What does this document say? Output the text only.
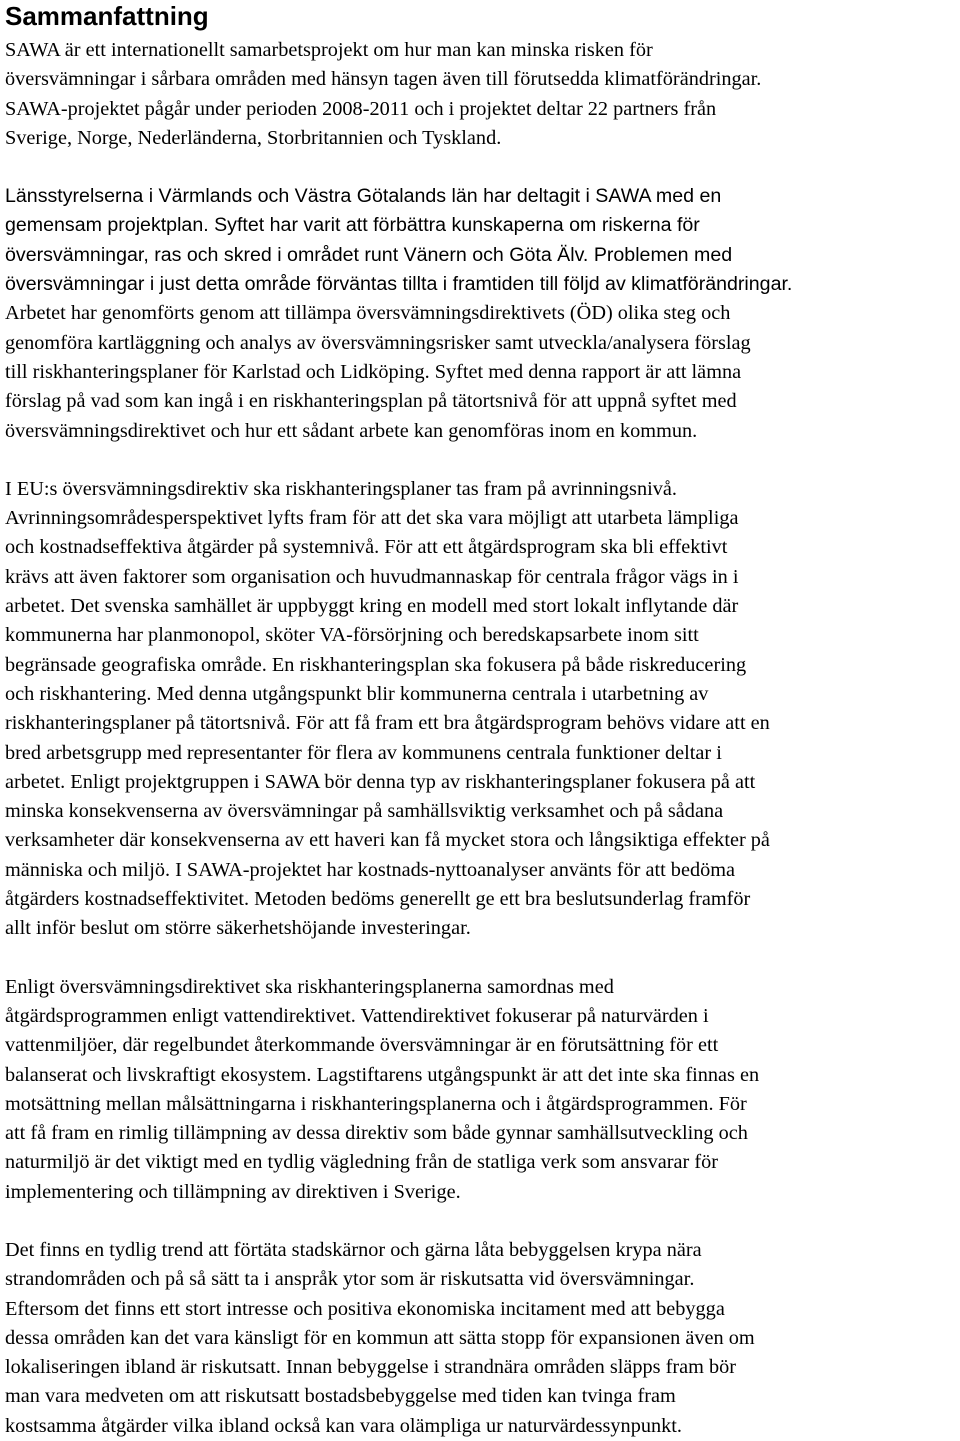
Sammanfattning

SAWA är ett internationellt samarbetsprojekt om hur man kan minska risken för
översvämningar i sårbara områden med hänsyn tagen även till förutsedda klimatförändringar.
SAWA-projektet pågår under perioden 2008-2011 och i projektet deltar 22 partners från
Sverige, Norge, Nederländerna, Storbritannien och Tyskland.

Länsstyrelserna i Värmlands och Västra Götalands län har deltagit i SAWA med en
gemensam projektplan. Syftet har varit att förbättra kunskaperna om riskerna för
översvämningar, ras och skred i området runt Vänern och Göta Älv. Problemen med
översvämningar i just detta område förväntas tillta i framtiden till följd av klimatförändringar.
Arbetet har genomförts genom att tillämpa översvämningsdirektivets (ÖD) olika steg och
genomföra kartläggning och analys av översvämningsrisker samt utveckla/analysera förslag
till riskhanteringsplaner för Karlstad och Lidköping. Syftet med denna rapport är att lämna
förslag på vad som kan ingå i en riskhanteringsplan på tätortsnivå för att uppnå syftet med
översvämningsdirektivet och hur ett sådant arbete kan genomföras inom en kommun.

I EU:s översvämningsdirektiv ska riskhanteringsplaner tas fram på avrinningsnivå.
Avrinningsområdesperspektivet lyfts fram för att det ska vara möjligt att utarbeta lämpliga
och kostnadseffektiva åtgärder på systemnivå. För att ett åtgärdsprogram ska bli effektivt
krävs att även faktorer som organisation och huvudmannaskap för centrala frågor vägs in i
arbetet. Det svenska samhället är uppbyggt kring en modell med stort lokalt inflytande där
kommunerna har planmonopol, sköter VA-försörjning och beredskapsarbete inom sitt
begränsade geografiska område. En riskhanteringsplan ska fokusera på både riskreducering
och riskhantering. Med denna utgångspunkt blir kommunerna centrala i utarbetning av
riskhanteringsplaner på tätortsnivå. För att få fram ett bra åtgärdsprogram behövs vidare att en
bred arbetsgrupp med representanter för flera av kommunens centrala funktioner deltar i
arbetet. Enligt projektgruppen i SAWA bör denna typ av riskhanteringsplaner fokusera på att
minska konsekvenserna av översvämningar på samhällsviktig verksamhet och på sådana
verksamheter där konsekvenserna av ett haveri kan få mycket stora och långsiktiga effekter på
människa och miljö. I SAWA-projektet har kostnads-nyttoanalyser använts för att bedöma
åtgärders kostnadseffektivitet. Metoden bedöms generellt ge ett bra beslutsunderlag framför
allt inför beslut om större säkerhetshöjande investeringar.

Enligt översvämningsdirektivet ska riskhanteringsplanerna samordnas med
åtgärdsprogrammen enligt vattendirektivet. Vattendirektivet fokuserar på naturvärden i
vattenmiljöer, där regelbundet återkommande översvämningar är en förutsättning för ett
balanserat och livskraftigt ekosystem. Lagstiftarens utgångspunkt är att det inte ska finnas en
motsättning mellan målsättningarna i riskhanteringsplanerna och i åtgärdsprogrammen. För
att få fram en rimlig tillämpning av dessa direktiv som både gynnar samhällsutveckling och
naturmiljö är det viktigt med en tydlig vägledning från de statliga verk som ansvarar för
implementering och tillämpning av direktiven i Sverige.

Det finns en tydlig trend att förtäta stadskärnor och gärna låta bebyggelsen krypa nära
strandområden och på så sätt ta i anspråk ytor som är riskutsatta vid översvämningar.
Eftersom det finns ett stort intresse och positiva ekonomiska incitament med att bebygga
dessa områden kan det vara känsligt för en kommun att sätta stopp för expansionen även om
lokaliseringen ibland är riskutsatt. Innan bebyggelse i strandnära områden släpps fram bör
man vara medveten om att riskutsatt bostadsbebyggelse med tiden kan tvinga fram
kostsamma åtgärder vilka ibland också kan vara olämpliga ur naturvärdessynpunkt.
